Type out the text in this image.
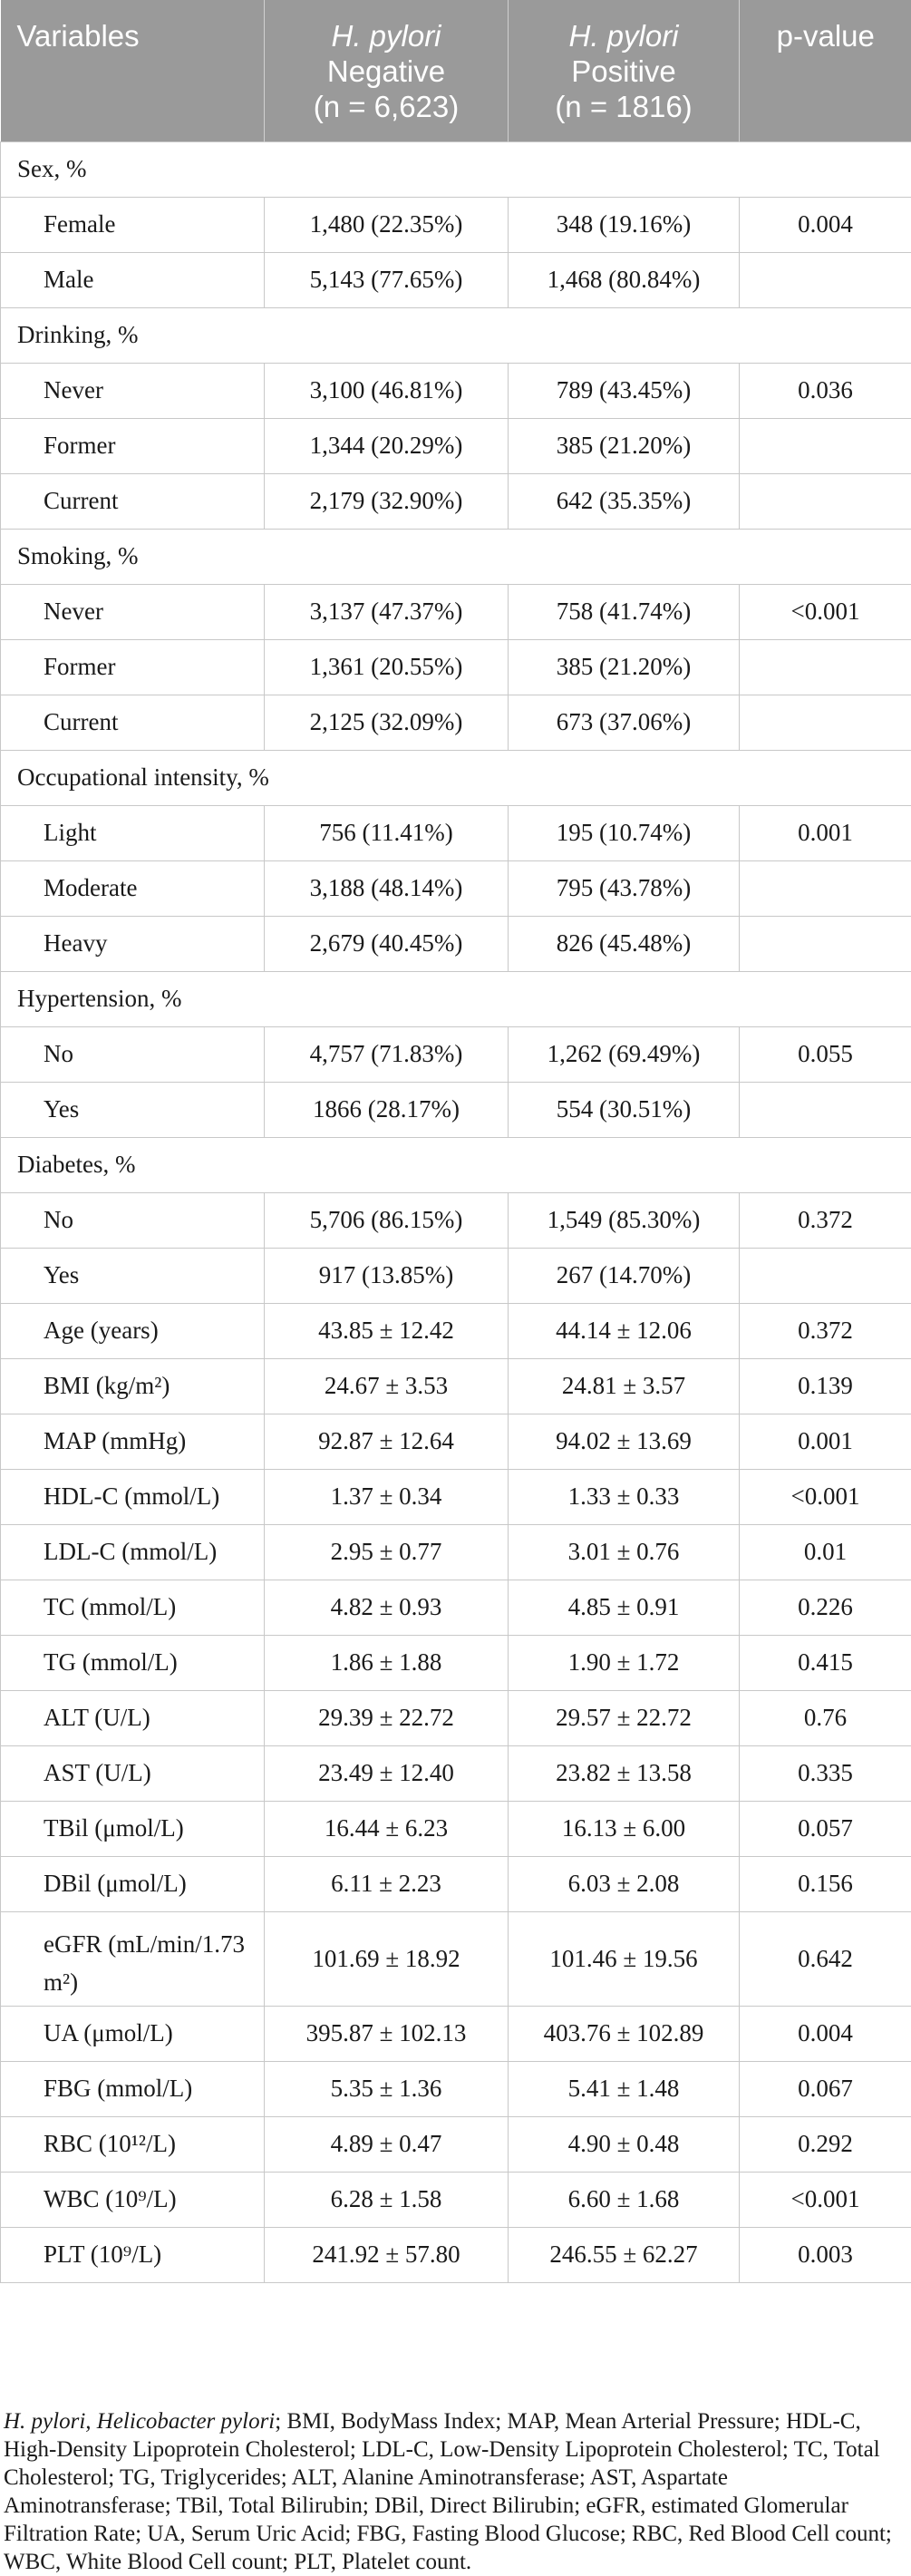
Variables	H. pylori
Negative
(n = 6,623)	H. pylori
Positive
(n = 1816)	p-value
Sex, %			
Female	1,480 (22.35%)	348 (19.16%)	0.004
Male	5,143 (77.65%)	1,468 (80.84%)	
Drinking, %			
Never	3,100 (46.81%)	789 (43.45%)	0.036
Former	1,344 (20.29%)	385 (21.20%)	
Current	2,179 (32.90%)	642 (35.35%)	
Smoking, %			
Never	3,137 (47.37%)	758 (41.74%)	<0.001
Former	1,361 (20.55%)	385 (21.20%)	
Current	2,125 (32.09%)	673 (37.06%)	
Occupational intensity, %			
Light	756 (11.41%)	195 (10.74%)	0.001
Moderate	3,188 (48.14%)	795 (43.78%)	
Heavy	2,679 (40.45%)	826 (45.48%)	
Hypertension, %			
No	4,757 (71.83%)	1,262 (69.49%)	0.055
Yes	1866 (28.17%)	554 (30.51%)	
Diabetes, %			
No	5,706 (86.15%)	1,549 (85.30%)	0.372
Yes	917 (13.85%)	267 (14.70%)	
Age (years)	43.85 ± 12.42	44.14 ± 12.06	0.372
BMI (kg/m²)	24.67 ± 3.53	24.81 ± 3.57	0.139
MAP (mmHg)	92.87 ± 12.64	94.02 ± 13.69	0.001
HDL-C (mmol/L)	1.37 ± 0.34	1.33 ± 0.33	<0.001
LDL-C (mmol/L)	2.95 ± 0.77	3.01 ± 0.76	0.01
TC (mmol/L)	4.82 ± 0.93	4.85 ± 0.91	0.226
TG (mmol/L)	1.86 ± 1.88	1.90 ± 1.72	0.415
ALT (U/L)	29.39 ± 22.72	29.57 ± 22.72	0.76
AST (U/L)	23.49 ± 12.40	23.82 ± 13.58	0.335
TBil (μmol/L)	16.44 ± 6.23	16.13 ± 6.00	0.057
DBil (μmol/L)	6.11 ± 2.23	6.03 ± 2.08	0.156
eGFR (mL/min/1.73 m²)	101.69 ± 18.92	101.46 ± 19.56	0.642
UA (μmol/L)	395.87 ± 102.13	403.76 ± 102.89	0.004
FBG (mmol/L)	5.35 ± 1.36	5.41 ± 1.48	0.067
RBC (10¹²/L)	4.89 ± 0.47	4.90 ± 0.48	0.292
WBC (10⁹/L)	6.28 ± 1.58	6.60 ± 1.68	<0.001
PLT (10⁹/L)	241.92 ± 57.80	246.55 ± 62.27	0.003
H. pylori, Helicobacter pylori; BMI, BodyMass Index; MAP, Mean Arterial Pressure; HDL-C, High-Density Lipoprotein Cholesterol; LDL-C, Low-Density Lipoprotein Cholesterol; TC, Total Cholesterol; TG, Triglycerides; ALT, Alanine Aminotransferase; AST, Aspartate Aminotransferase; TBil, Total Bilirubin; DBil, Direct Bilirubin; eGFR, estimated Glomerular Filtration Rate; UA, Serum Uric Acid; FBG, Fasting Blood Glucose; RBC, Red Blood Cell count; WBC, White Blood Cell count; PLT, Platelet count.
